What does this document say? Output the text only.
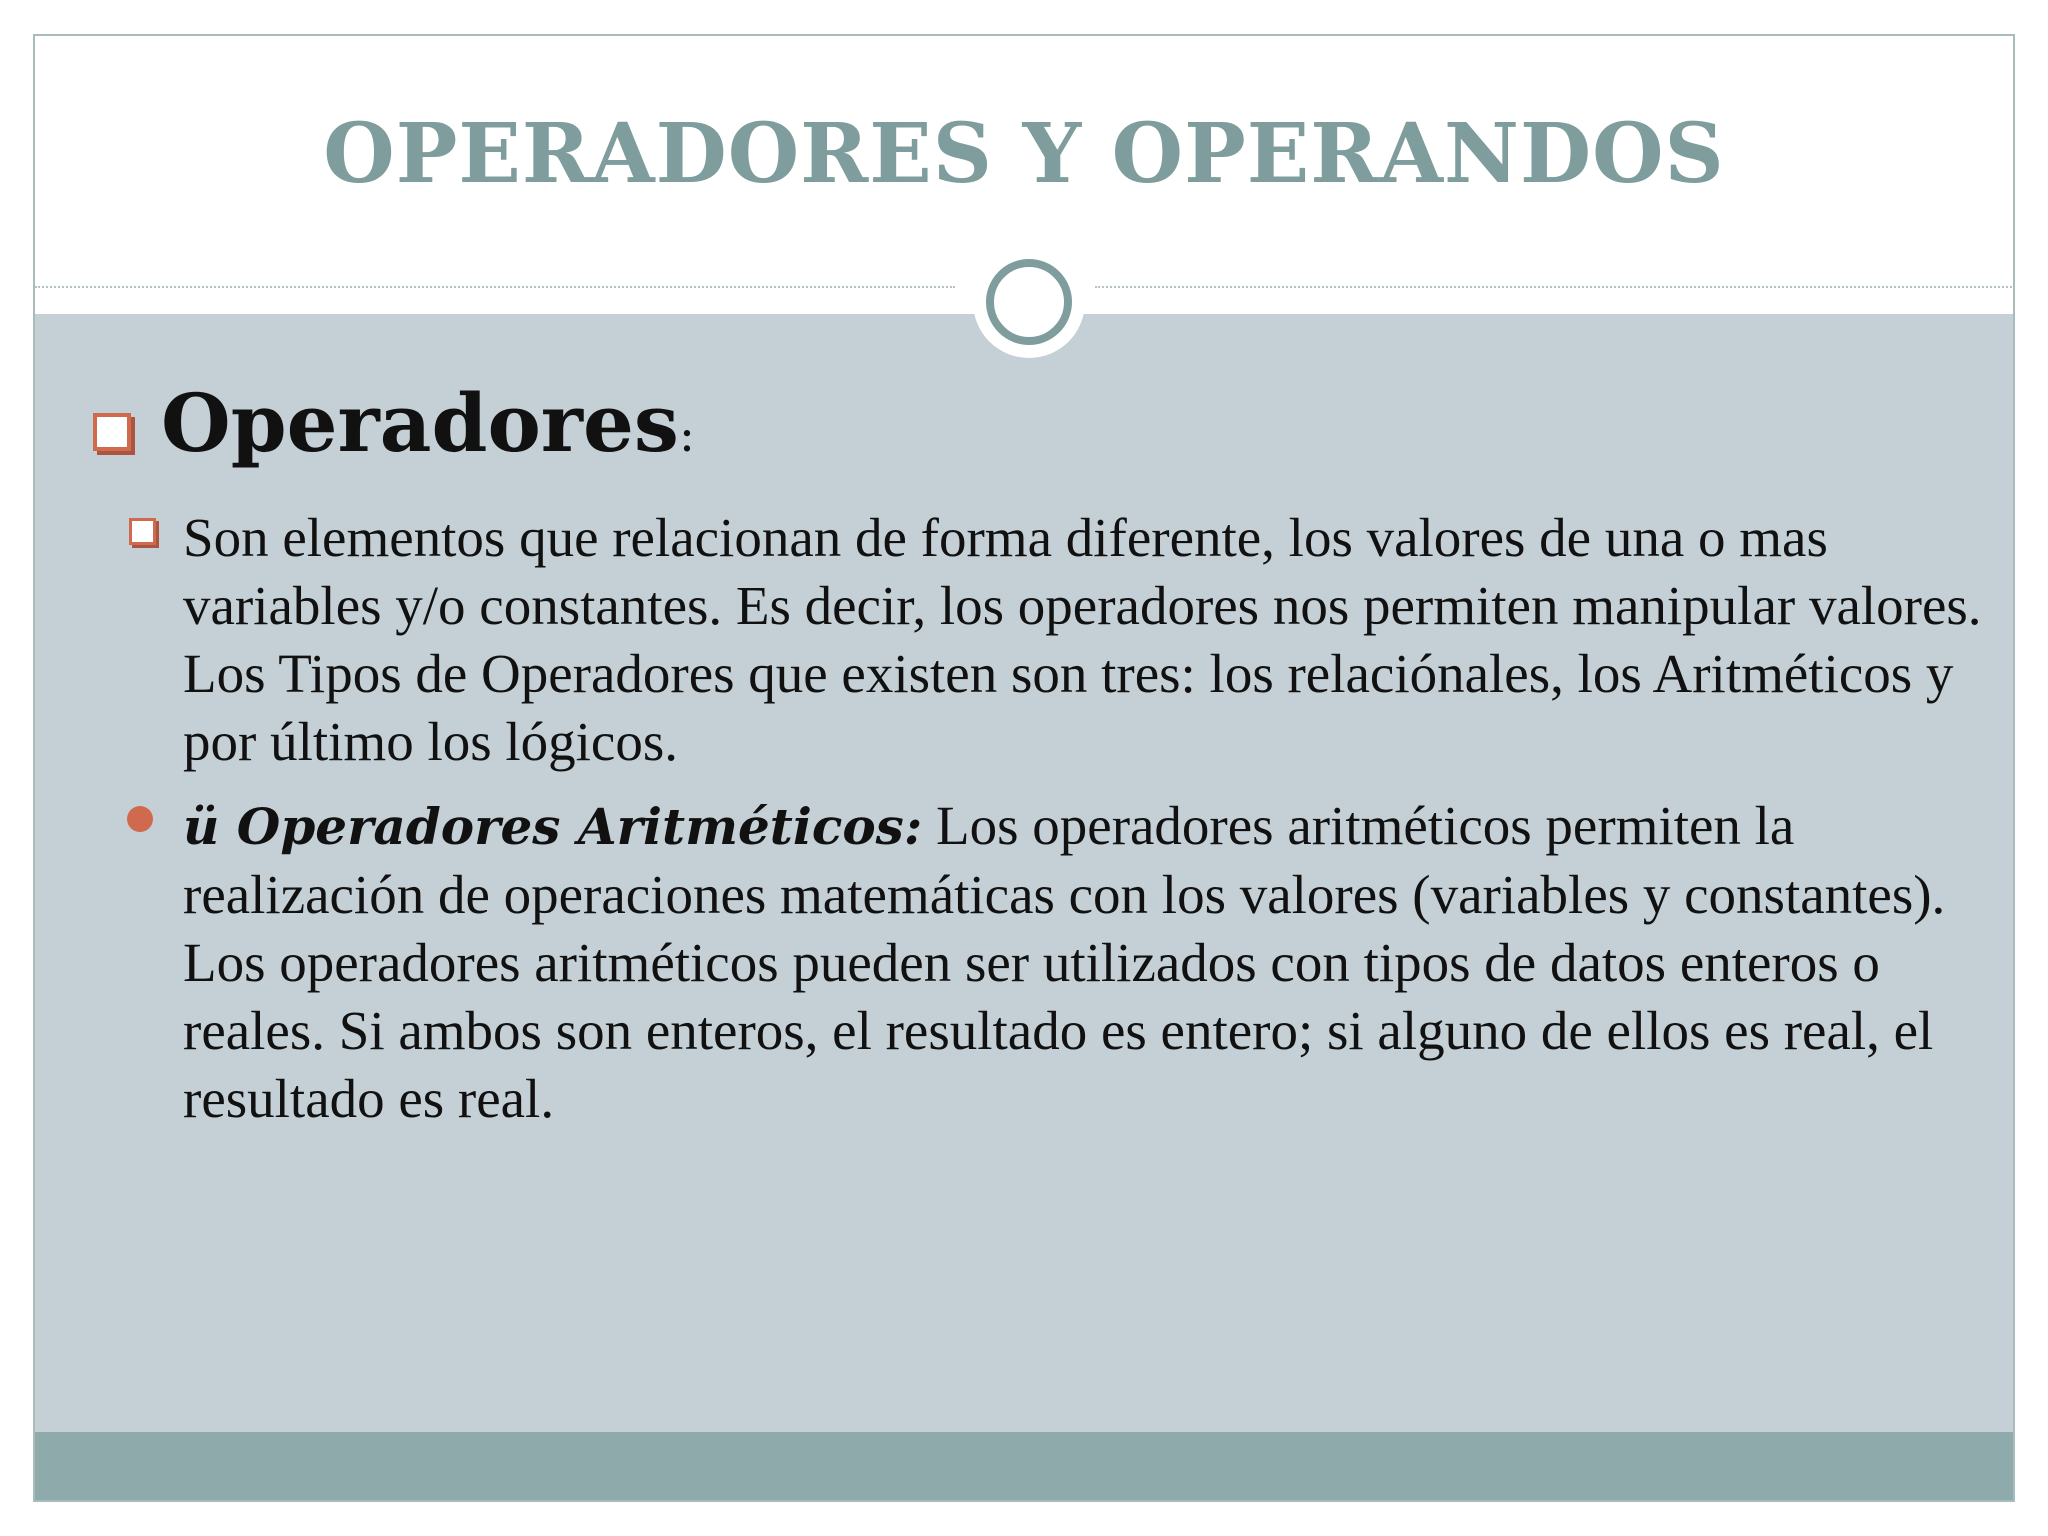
OPERADORES Y OPERANDOS
Operadores :

Son elementos que relacionan de forma diferente, los valores de una o mas variables y/o constantes. Es decir, los operadores nos permiten manipular valores. Los Tipos de Operadores que existen son tres: los relaciónales, los Aritméticos y por último los lógicos.

ü Operadores Aritméticos: Los operadores aritméticos permiten la realización de operaciones matemáticas con los valores (variables y constantes). Los operadores aritméticos pueden ser utilizados con tipos de datos enteros o reales. Si ambos son enteros, el resultado es entero; si alguno de ellos es real, el resultado es real.
